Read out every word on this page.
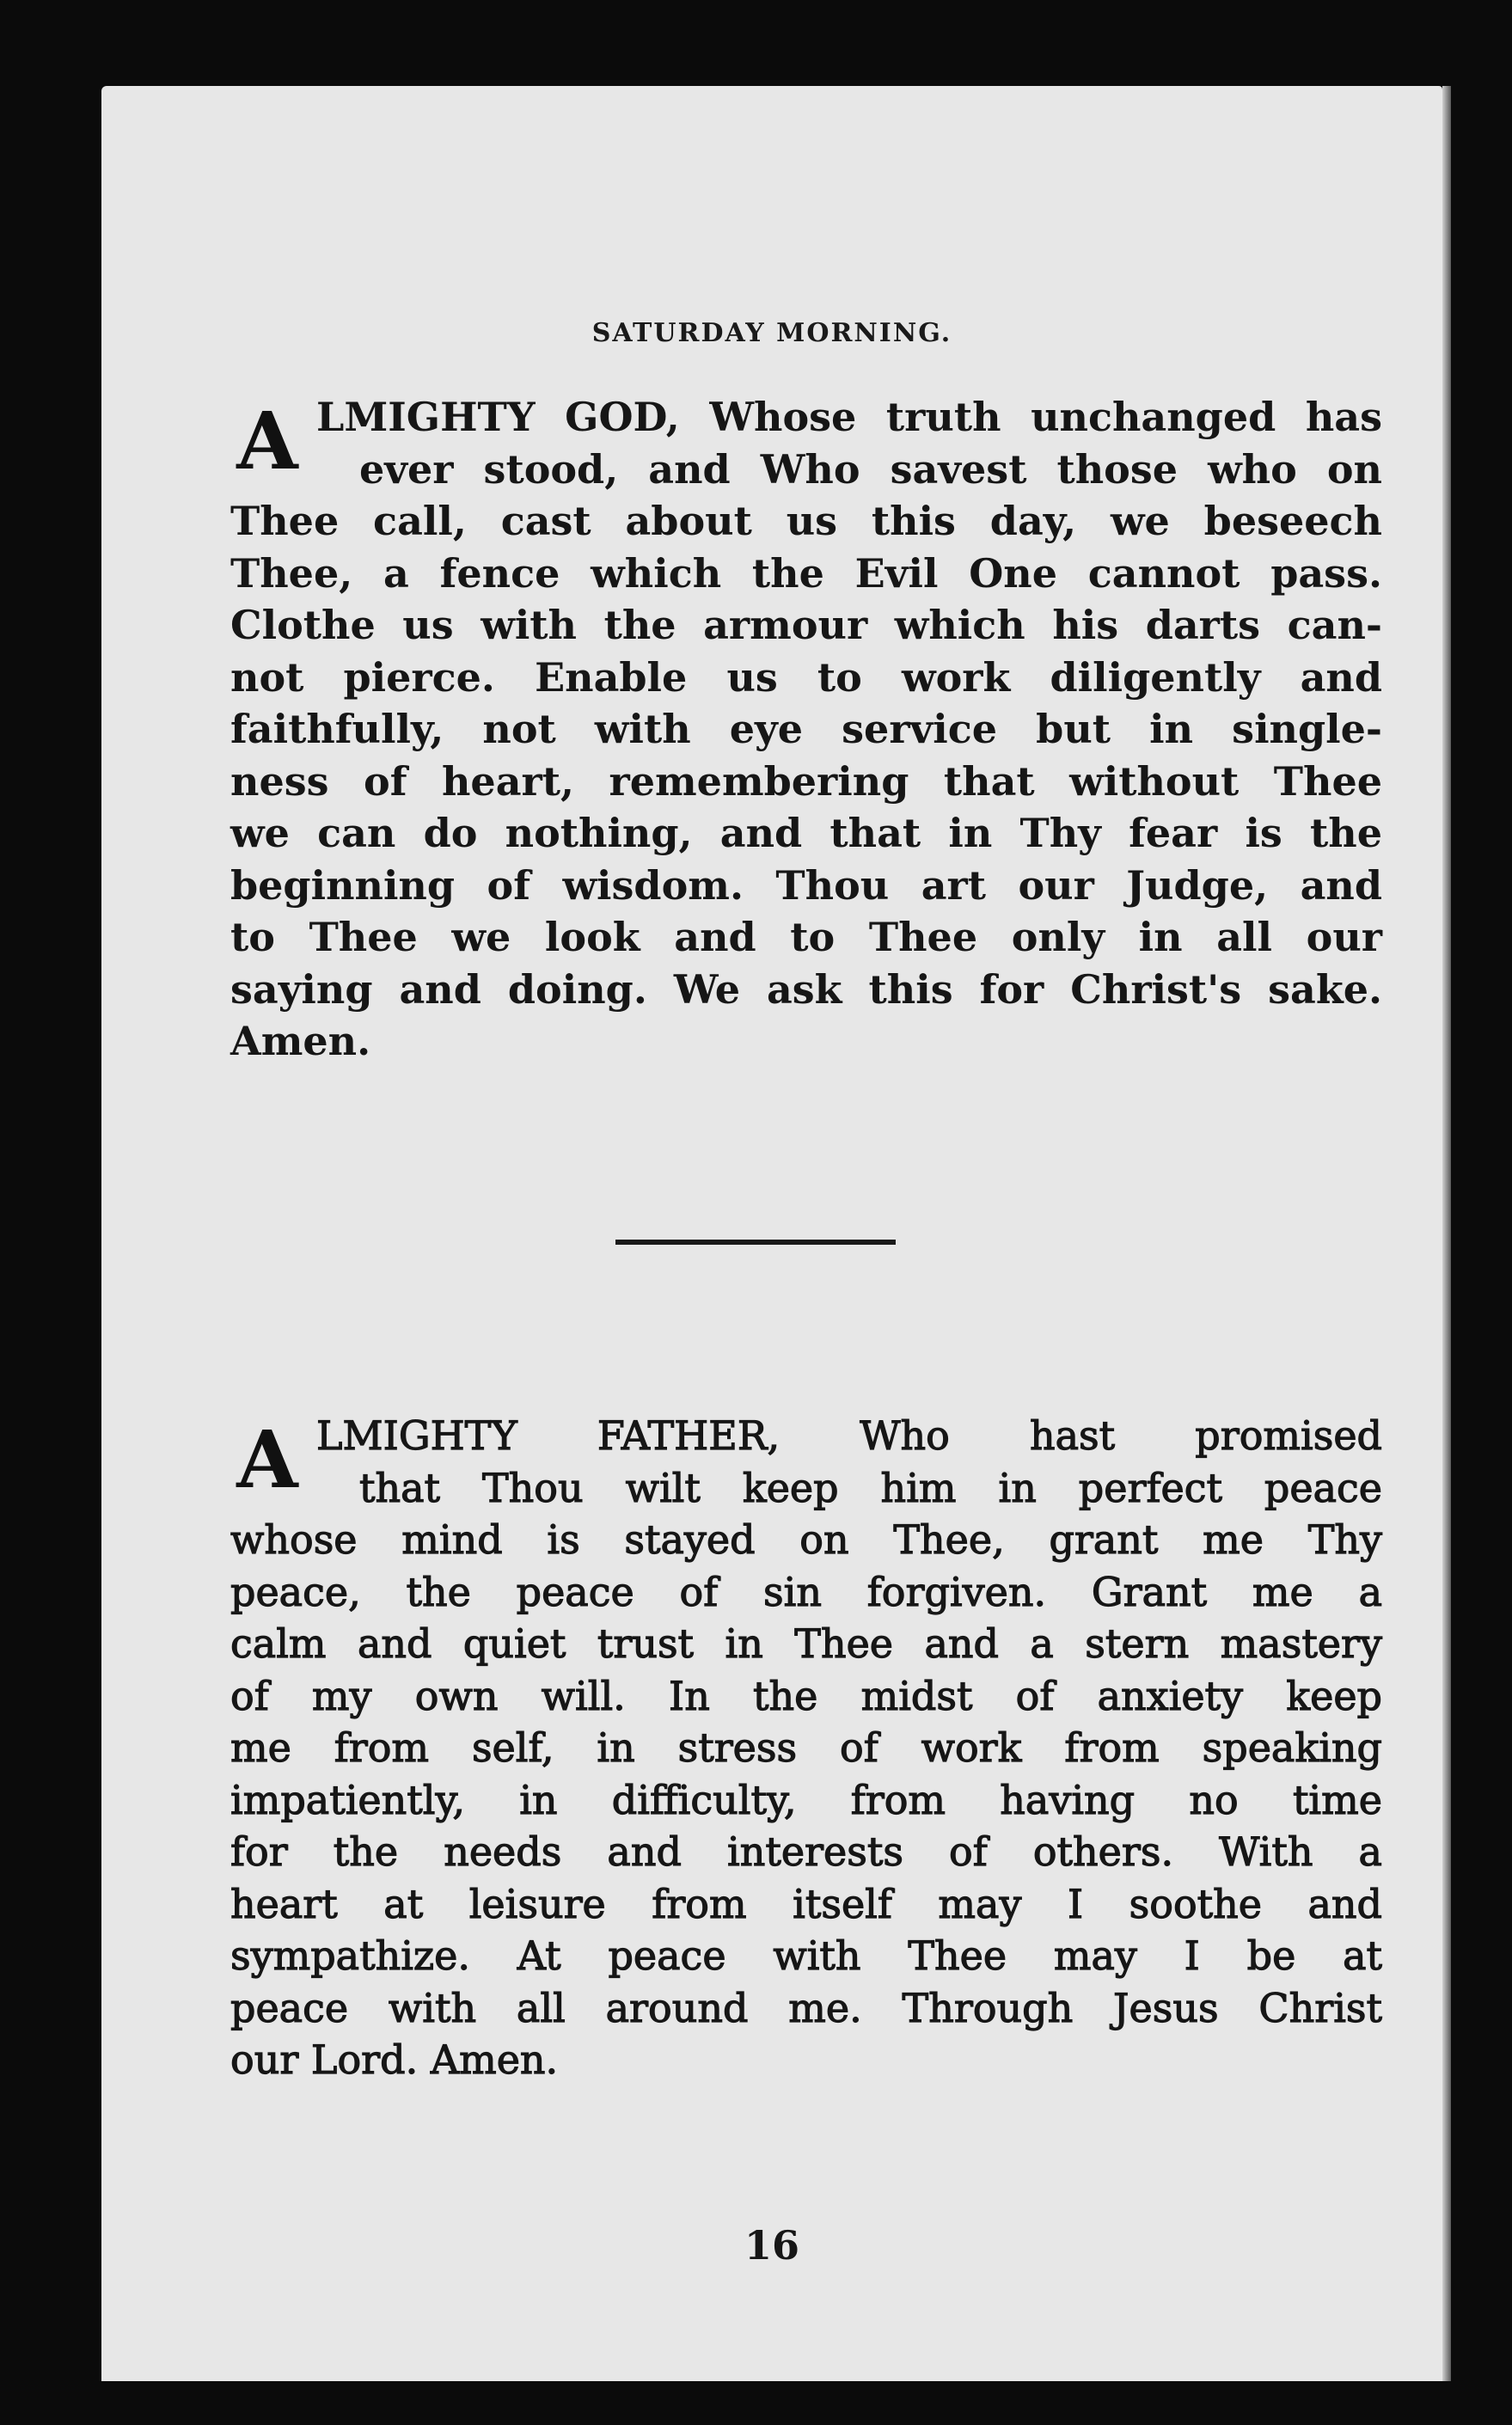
SATURDAY MORNING.
A LMIGHTY GOD, Whose truth unchanged has
ever stood, and Who savest those who on
Thee call, cast about us this day, we beseech
Thee, a fence which the Evil One cannot pass.
Clothe us with the armour which his darts can-
not pierce. Enable us to work diligently and
faithfully, not with eye service but in single-
ness of heart, remembering that without Thee
we can do nothing, and that in Thy fear is the
beginning of wisdom. Thou art our Judge, and
to Thee we look and to Thee only in all our
saying and doing. We ask this for Christ's sake.
Amen.
A LMIGHTY FATHER, Who hast promised
that Thou wilt keep him in perfect peace
whose mind is stayed on Thee, grant me Thy
peace, the peace of sin forgiven. Grant me a
calm and quiet trust in Thee and a stern mastery
of my own will. In the midst of anxiety keep
me from self, in stress of work from speaking
impatiently, in difficulty, from having no time
for the needs and interests of others. With a
heart at leisure from itself may I soothe and
sympathize. At peace with Thee may I be at
peace with all around me. Through Jesus Christ
our Lord. Amen.
16
